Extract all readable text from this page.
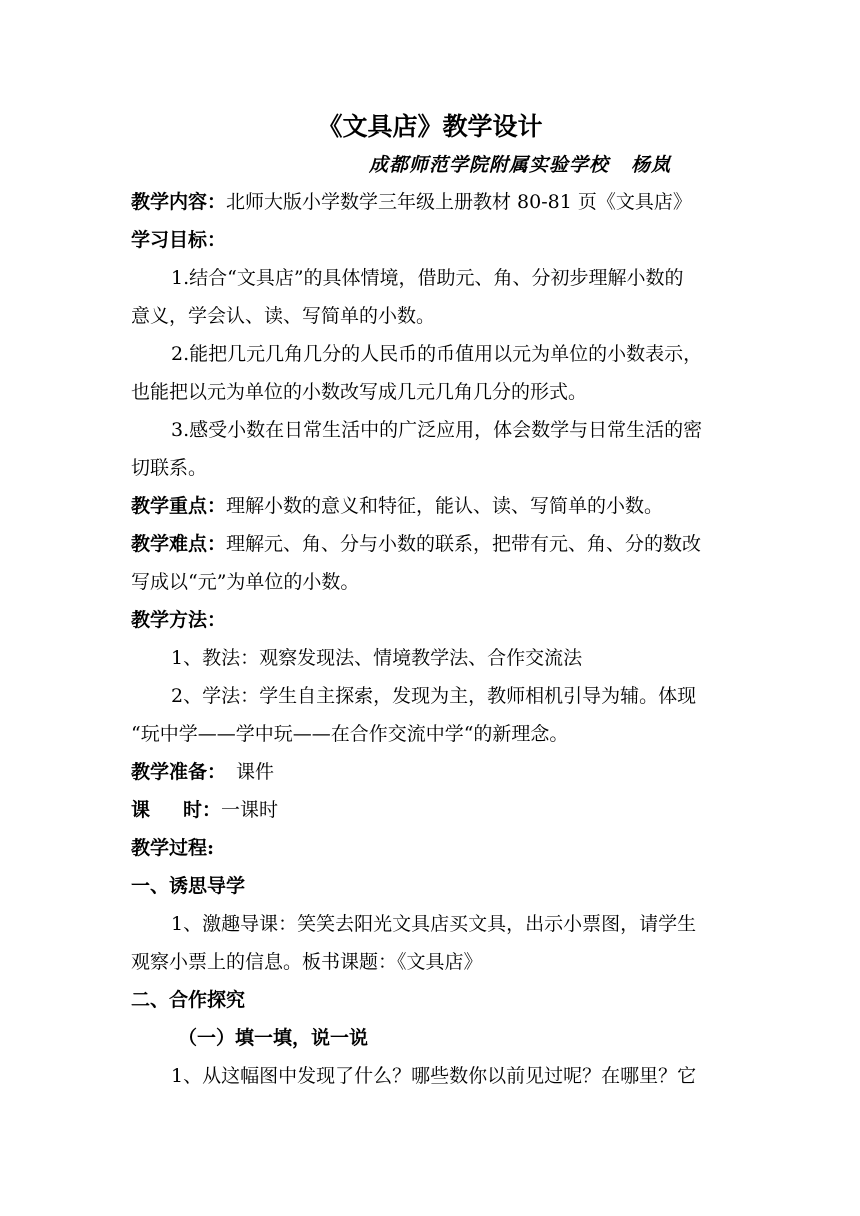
《文具店》教学设计
成都师范学院附属实验学校 杨岚
教学内容：北师大版小学数学三年级上册教材 80-81 页《文具店》
学习目标：
1.结合“文具店”的具体情境，借助元、角、分初步理解小数的
意义，学会认、读、写简单的小数。
2.能把几元几角几分的人民币的币值用以元为单位的小数表示，
也能把以元为单位的小数改写成几元几角几分的形式。
3.感受小数在日常生活中的广泛应用，体会数学与日常生活的密
切联系。
教学重点：理解小数的意义和特征，能认、读、写简单的小数。
教学难点：理解元、角、分与小数的联系，把带有元、角、分的数改
写成以“元”为单位的小数。
教学方法：
1、教法：观察发现法、情境教学法、合作交流法
2、学法：学生自主探索，发现为主，教师相机引导为辅。体现
“玩中学——学中玩——在合作交流中学“的新理念。
教学准备： 课件
课 时：一课时
教学过程:
一、诱思导学
1、激趣导课：笑笑去阳光文具店买文具，出示小票图，请学生
观察小票上的信息。板书课题：《文具店》
二、合作探究
（一）填一填，说一说
1、从这幅图中发现了什么？哪些数你以前见过呢？在哪里？它
